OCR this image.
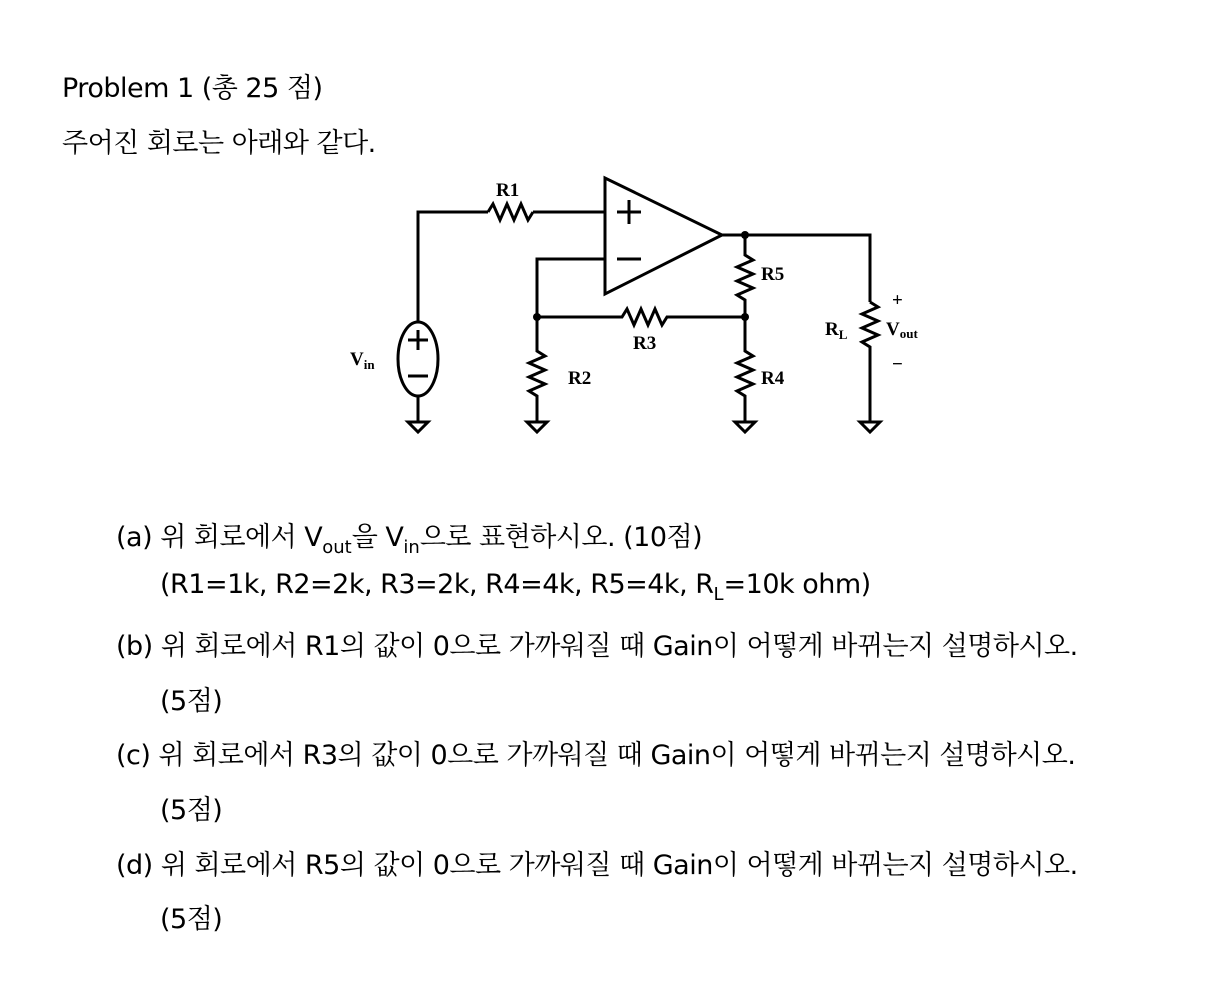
Problem 1 (총 25 점)
주어진 회로는 아래와 같다.
R1
R5
R3
R2	R4
$R_L$
$V_{in}$
Vout
+
−
(a) 위 회로에서 $V_{out}$을 $V_{in}$으로 표현하시오. (10점)
(R1=1k, R2=2k, R3=2k, R4=4k, R5=4k, $R_L=10k$ ohm)
(b) 위 회로에서 R1의 값이 0으로 가까워질 때 Gain이 어떻게 바뀌는지 설명하시오.
(5점)
(c) 위 회로에서 R3의 값이 0으로 가까워질 때 Gain이 어떻게 바뀌는지 설명하시오.
(5점)
(d) 위 회로에서 R5의 값이 0으로 가까워질 때 Gain이 어떻게 바뀌는지 설명하시오.
(5점)
